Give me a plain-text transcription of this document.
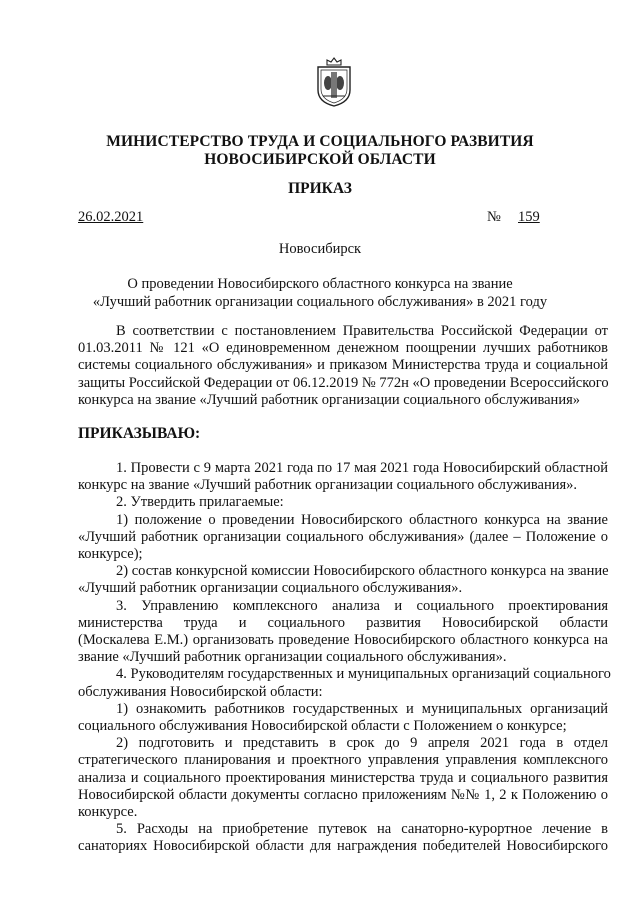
МИНИСТЕРСТВО ТРУДА И СОЦИАЛЬНОГО РАЗВИТИЯ
НОВОСИБИРСКОЙ ОБЛАСТИ
ПРИКАЗ
26.02.2021	№ 159
Новосибирск
О проведении Новосибирского областного конкурса на звание
«Лучший работник организации социального обслуживания» в 2021 году
В соответствии с постановлением Правительства Российской Федерации от
01.03.2011 № 121 «О единовременном денежном поощрении лучших работников
системы социального обслуживания» и приказом Министерства труда и социальной
защиты Российской Федерации от 06.12.2019 № 772н «О проведении Всероссийского
конкурса на звание «Лучший работник организации социального обслуживания»
ПРИКАЗЫВАЮ:
1. Провести с 9 марта 2021 года по 17 мая 2021 года Новосибирский областной
конкурс на звание «Лучший работник организации социального обслуживания».
2. Утвердить прилагаемые:
1) положение о проведении Новосибирского областного конкурса на звание
«Лучший работник организации социального обслуживания» (далее – Положение о
конкурсе);
2) состав конкурсной комиссии Новосибирского областного конкурса на звание
«Лучший работник организации социального обслуживания».
3. Управлению комплексного анализа и социального проектирования
министерства труда и социального развития Новосибирской области
(Москалева Е.М.) организовать проведение Новосибирского областного конкурса на
звание «Лучший работник организации социального обслуживания».
4. Руководителям государственных и муниципальных организаций социального
обслуживания Новосибирской области:
1) ознакомить работников государственных и муниципальных организаций
социального обслуживания Новосибирской области с Положением о конкурсе;
2) подготовить и представить в срок до 9 апреля 2021 года в отдел
стратегического планирования и проектного управления управления комплексного
анализа и социального проектирования министерства труда и социального развития
Новосибирской области документы согласно приложениям №№ 1, 2 к Положению о
конкурсе.
5. Расходы на приобретение путевок на санаторно-курортное лечение в
санаториях Новосибирской области для награждения победителей Новосибирского
